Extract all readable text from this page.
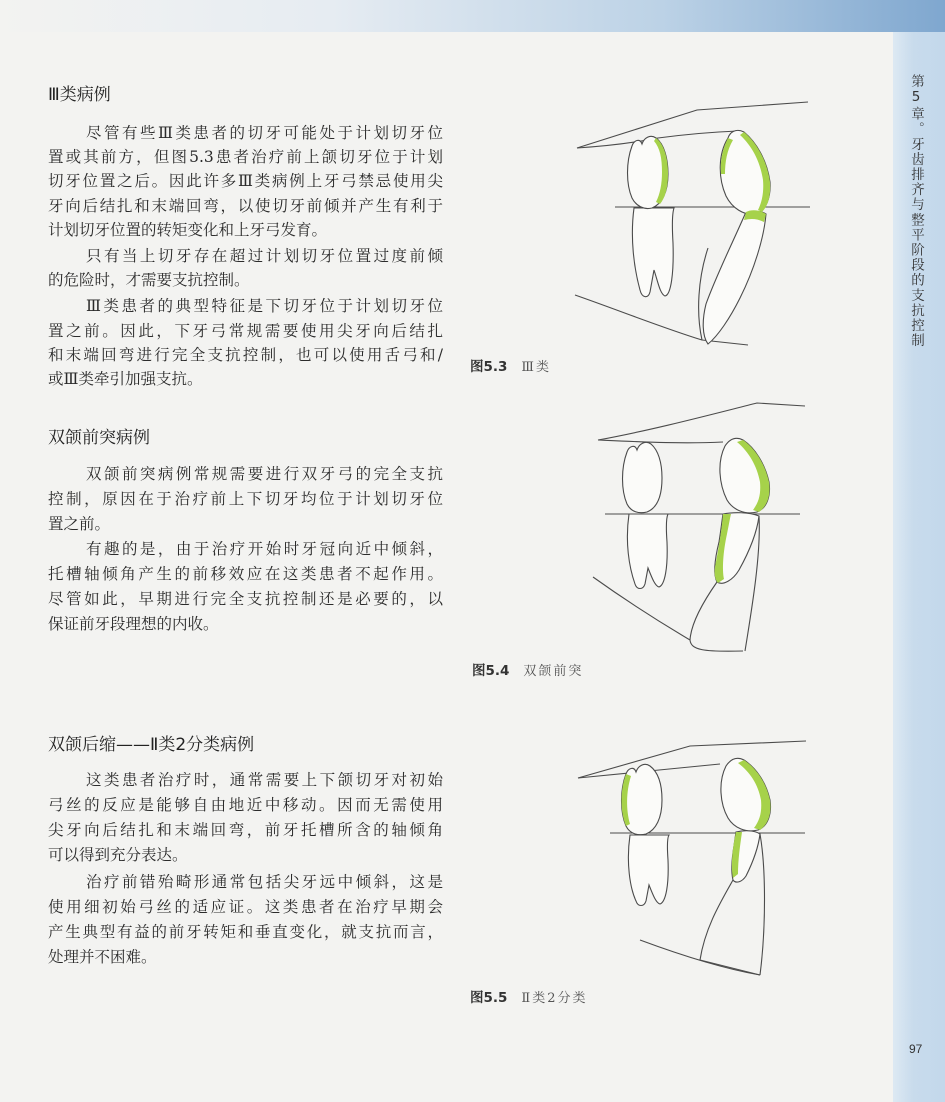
第5章。牙齿排齐与整平阶段的支抗控制
97
Ⅲ类病例
尽管有些Ⅲ类患者的切牙可能处于计划切牙位
置或其前方，但图5.3患者治疗前上颌切牙位于计划
切牙位置之后。因此许多Ⅲ类病例上牙弓禁忌使用尖
牙向后结扎和末端回弯，以使切牙前倾并产生有利于
计划切牙位置的转矩变化和上牙弓发育。
只有当上切牙存在超过计划切牙位置过度前倾
的危险时，才需要支抗控制。
Ⅲ类患者的典型特征是下切牙位于计划切牙位
置之前。因此，下牙弓常规需要使用尖牙向后结扎
和末端回弯进行完全支抗控制，也可以使用舌弓和/
或Ⅲ类牵引加强支抗。
双颌前突病例
双颌前突病例常规需要进行双牙弓的完全支抗
控制，原因在于治疗前上下切牙均位于计划切牙位
置之前。
有趣的是，由于治疗开始时牙冠向近中倾斜，
托槽轴倾角产生的前移效应在这类患者不起作用。
尽管如此，早期进行完全支抗控制还是必要的，以
保证前牙段理想的内收。
双颌后缩——Ⅱ类2分类病例
这类患者治疗时，通常需要上下颌切牙对初始
弓丝的反应是能够自由地近中移动。因而无需使用
尖牙向后结扎和末端回弯，前牙托槽所含的轴倾角
可以得到充分表达。
治疗前错殆畸形通常包括尖牙远中倾斜，这是
使用细初始弓丝的适应证。这类患者在治疗早期会
产生典型有益的前牙转矩和垂直变化，就支抗而言，
处理并不困难。
图5.3 Ⅲ类
图5.4 双颌前突
图5.5 Ⅱ类2分类
